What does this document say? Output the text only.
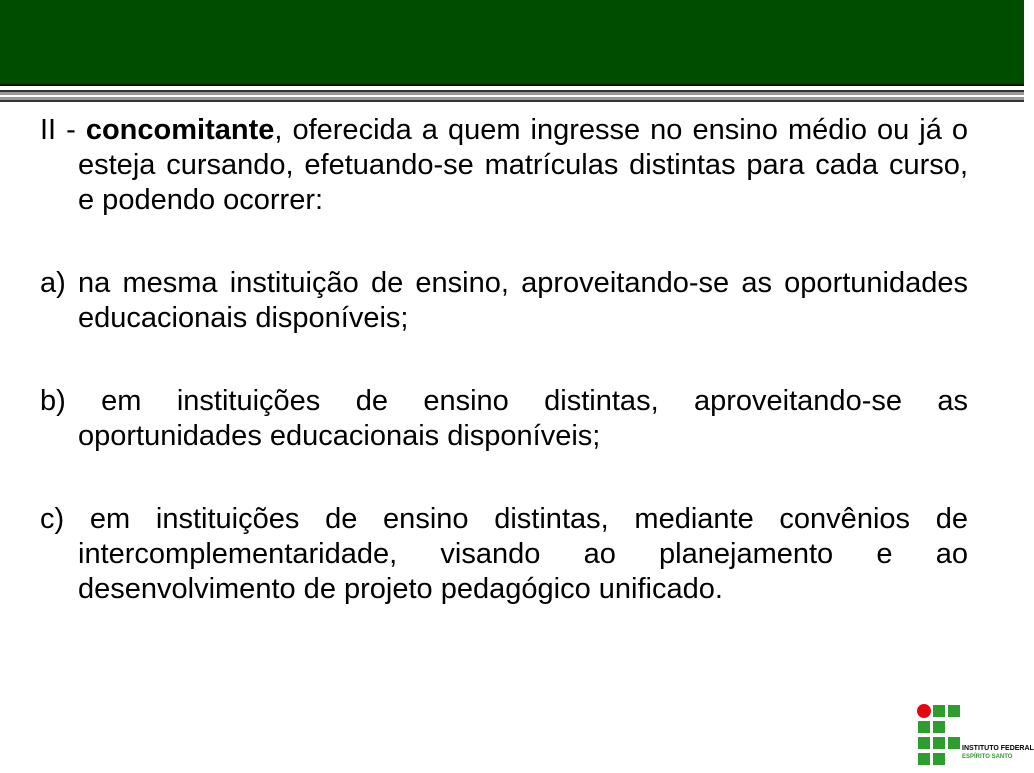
II - concomitante, oferecida a quem ingresse no ensino médio ou já o esteja cursando, efetuando-se matrículas distintas para cada curso, e podendo ocorrer:

a) na mesma instituição de ensino, aproveitando-se as oportunidades educacionais disponíveis;

b) em instituições de ensino distintas, aproveitando-se as oportunidades educacionais disponíveis;

c) em instituições de ensino distintas, mediante convênios de intercomplementaridade, visando ao planejamento e ao desenvolvimento de projeto pedagógico unificado.

INSTITUTO FEDERAL
ESPÍRITO SANTO
